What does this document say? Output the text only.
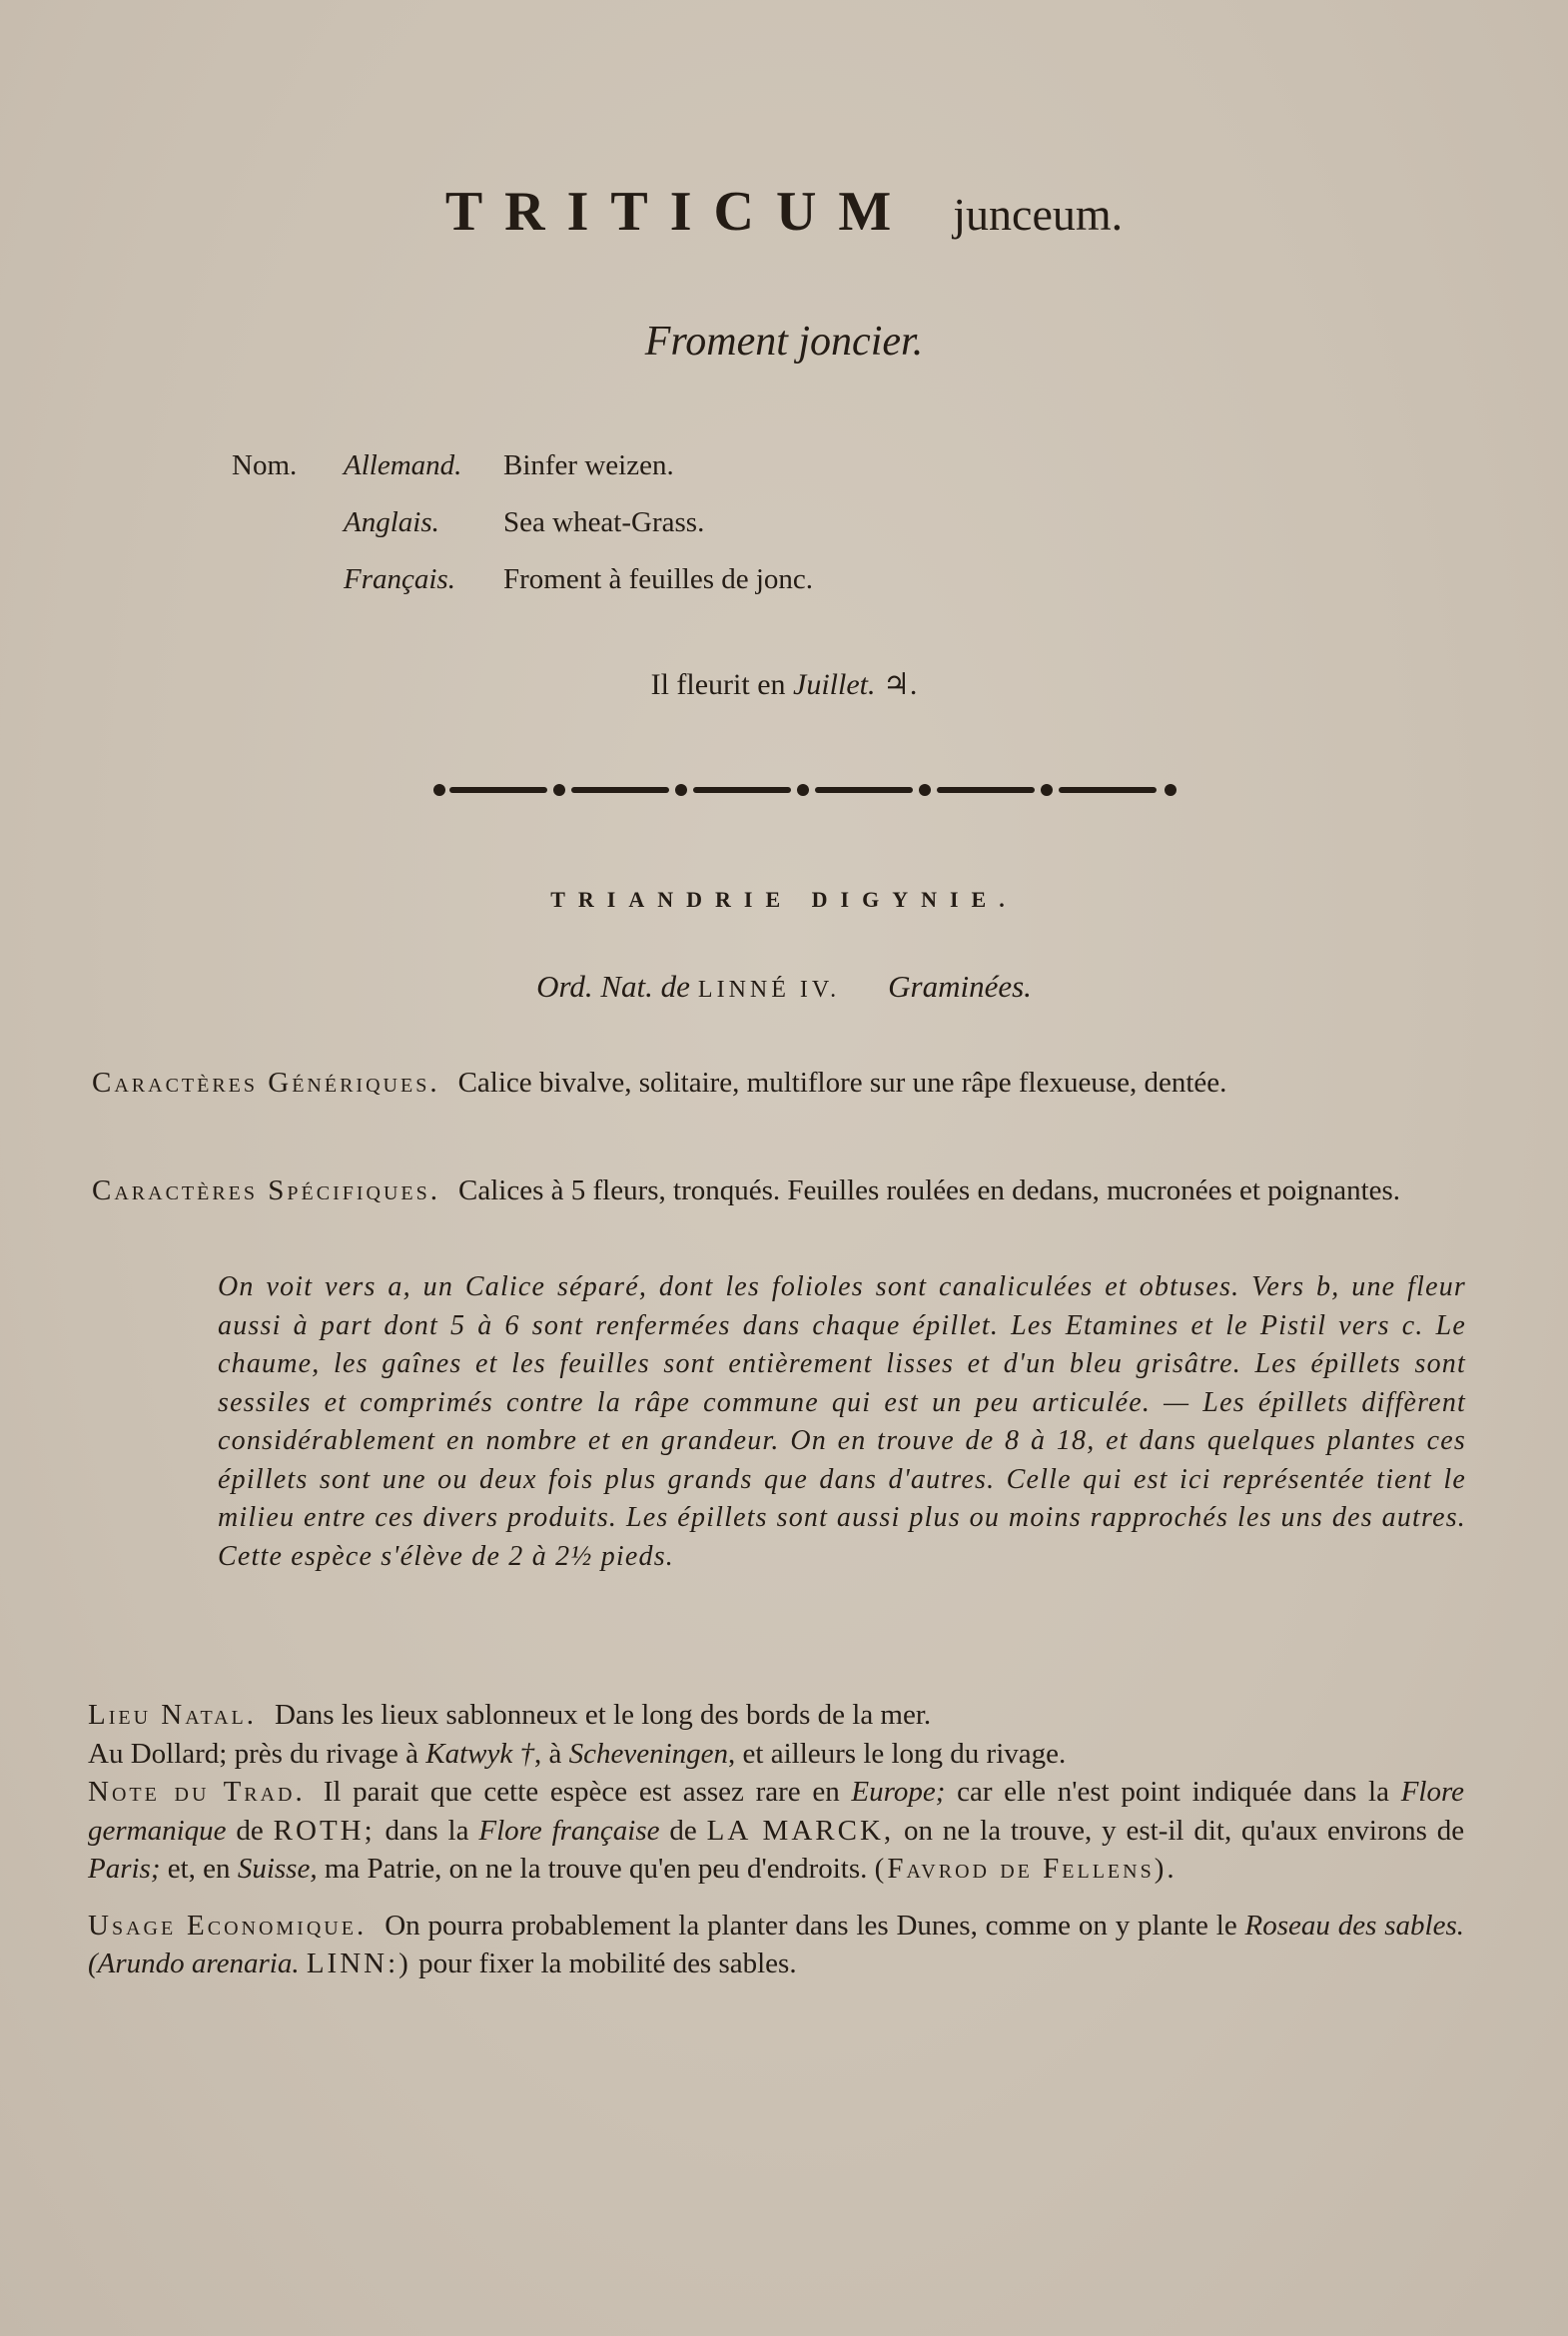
TRITICUM junceum.
Froment joncier.
Nom. Allemand. Binfer weizen.
Anglais. Sea wheat-Grass.
Français. Froment à feuilles de jonc.
Il fleurit en Juillet. ♃.
TRIANDRIE DIGYNIE.
Ord. Nat. de LINNÉ IV. Graminées.
Caractères Génériques. Calice bivalve, solitaire, multiflore sur une râpe flexueuse, dentée.
Caractères Spécifiques. Calices à 5 fleurs, tronqués. Feuilles roulées en dedans, mucronées et poignantes.
On voit vers a, un Calice séparé, dont les folioles sont canaliculées et obtuses. Vers b, une fleur aussi à part dont 5 à 6 sont renfermées dans chaque épillet. Les Etamines et le Pistil vers c. Le chaume, les gaînes et les feuilles sont entièrement lisses et d'un bleu grisâtre. Les épillets sont sessiles et comprimés contre la râpe commune qui est un peu articulée. — Les épillets diffèrent considérablement en nombre et en grandeur. On en trouve de 8 à 18, et dans quelques plantes ces épillets sont une ou deux fois plus grands que dans d'autres. Celle qui est ici représentée tient le milieu entre ces divers produits. Les épillets sont aussi plus ou moins rapprochés les uns des autres. Cette espèce s'élève de 2 à 2½ pieds.

Lieu Natal. Dans les lieux sablonneux et le long des bords de la mer.
Au Dollard; près du rivage à Katwyk †, à Scheveningen, et ailleurs le long du rivage.

Note du Trad. Il parait que cette espèce est assez rare en Europe; car elle n'est point indiquée dans la Flore germanique de ROTH; dans la Flore française de LA MARCK, on ne la trouve, y est-il dit, qu'aux environs de Paris; et, en Suisse, ma Patrie, on ne la trouve qu'en peu d'endroits. (Favrod de Fellens).

Usage Economique. On pourra probablement la planter dans les Dunes, comme on y plante le Roseau des sables. (Arundo arenaria. LINN:) pour fixer la mobilité des sables.
